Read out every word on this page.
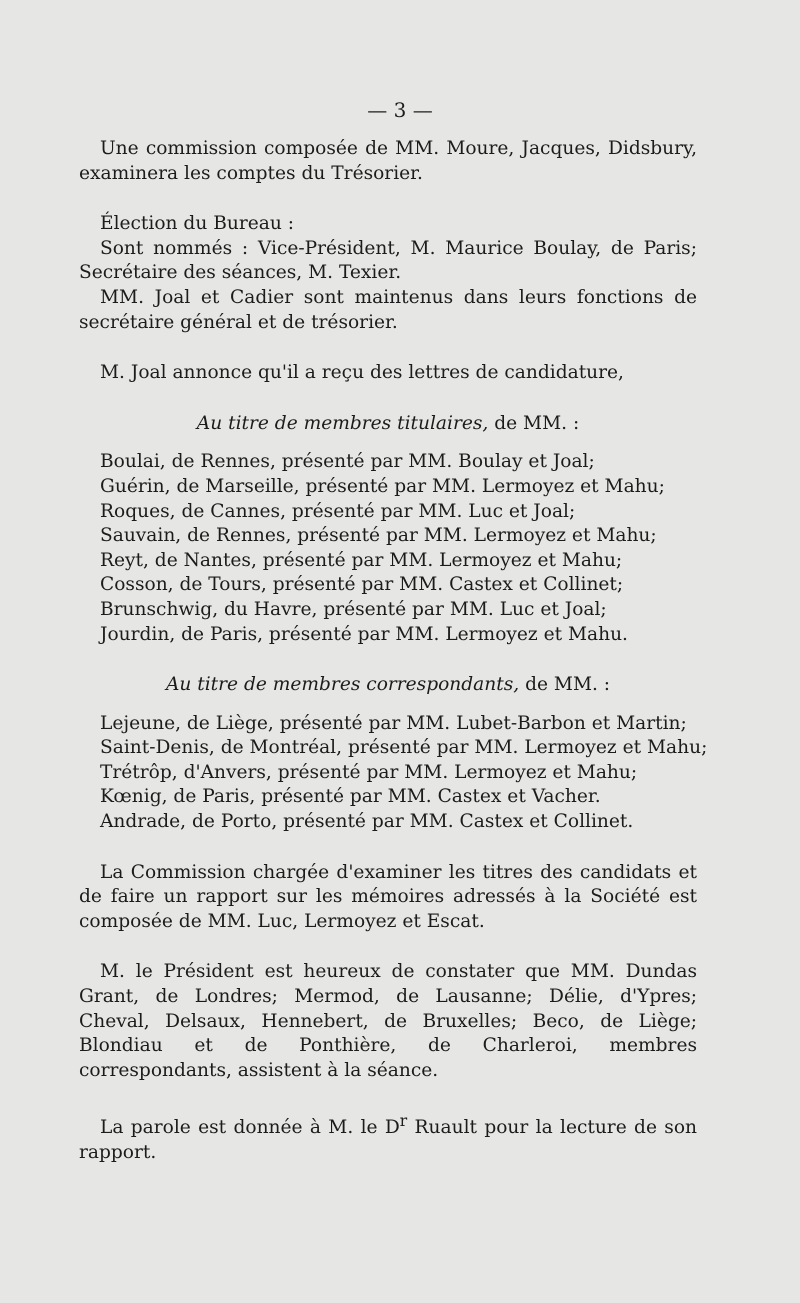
— 3 —

Une commission composée de MM. Moure, Jacques, Didsbury, examinera les comptes du Trésorier.

Élection du Bureau :

Sont nommés : Vice-Président, M. Maurice Boulay, de Paris; Secrétaire des séances, M. Texier.

MM. Joal et Cadier sont maintenus dans leurs fonctions de secrétaire général et de trésorier.

M. Joal annonce qu'il a reçu des lettres de candidature,

Au titre de membres titulaires, de MM. :

Boulai, de Rennes, présenté par MM. Boulay et Joal;
Guérin, de Marseille, présenté par MM. Lermoyez et Mahu;
Roques, de Cannes, présenté par MM. Luc et Joal;
Sauvain, de Rennes, présenté par MM. Lermoyez et Mahu;
Reyt, de Nantes, présenté par MM. Lermoyez et Mahu;
Cosson, de Tours, présenté par MM. Castex et Collinet;
Brunschwig, du Havre, présenté par MM. Luc et Joal;
Jourdin, de Paris, présenté par MM. Lermoyez et Mahu.

Au titre de membres correspondants, de MM. :

Lejeune, de Liège, présenté par MM. Lubet-Barbon et Martin;
Saint-Denis, de Montréal, présenté par MM. Lermoyez et Mahu;
Trétrôp, d'Anvers, présenté par MM. Lermoyez et Mahu;
Kœnig, de Paris, présenté par MM. Castex et Vacher.
Andrade, de Porto, présenté par MM. Castex et Collinet.

La Commission chargée d'examiner les titres des candidats et de faire un rapport sur les mémoires adressés à la Société est composée de MM. Luc, Lermoyez et Escat.

M. le Président est heureux de constater que MM. Dundas Grant, de Londres; Mermod, de Lausanne; Délie, d'Ypres; Cheval, Delsaux, Hennebert, de Bruxelles; Beco, de Liège; Blondiau et de Ponthière, de Charleroi, membres correspondants, assistent à la séance.

La parole est donnée à M. le $D^r$ Ruault pour la lecture de son rapport.
